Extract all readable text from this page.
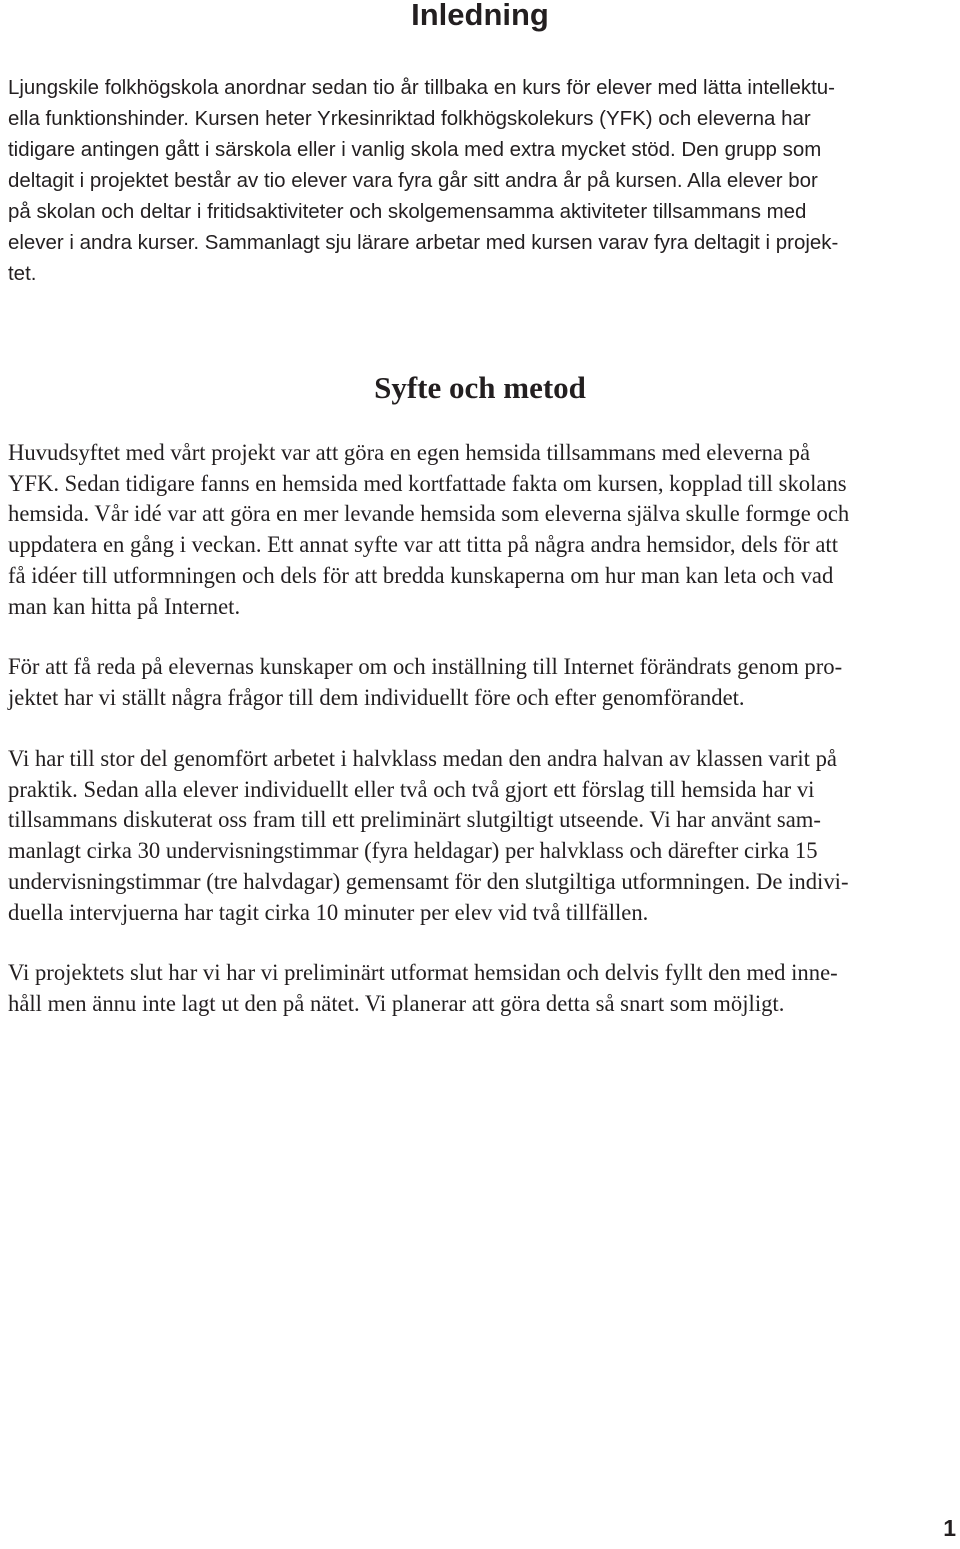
Inledning

Ljungskile folkhögskola anordnar sedan tio år tillbaka en kurs för elever med lätta intellektu-
ella funktionshinder. Kursen heter Yrkesinriktad folkhögskolekurs (YFK) och eleverna har
tidigare antingen gått i särskola eller i vanlig skola med extra mycket stöd. Den grupp som
deltagit i projektet består av tio elever vara fyra går sitt andra år på kursen. Alla elever bor
på skolan och deltar i fritidsaktiviteter och skolgemensamma aktiviteter tillsammans med
elever i andra kurser. Sammanlagt sju lärare arbetar med kursen varav fyra deltagit i projek-
tet.

Syfte och metod

Huvudsyftet med vårt projekt var att göra en egen hemsida tillsammans med eleverna på
YFK. Sedan tidigare fanns en hemsida med kortfattade fakta om kursen, kopplad till skolans
hemsida. Vår idé var att göra en mer levande hemsida som eleverna själva skulle formge och
uppdatera en gång i veckan. Ett annat syfte var att titta på några andra hemsidor, dels för att
få idéer till utformningen och dels för att bredda kunskaperna om hur man kan leta och vad
man kan hitta på Internet.

För att få reda på elevernas kunskaper om och inställning till Internet förändrats genom pro-
jektet har vi ställt några frågor till dem individuellt före och efter genomförandet.

Vi har till stor del genomfört arbetet i halvklass medan den andra halvan av klassen varit på
praktik. Sedan alla elever individuellt eller två och två gjort ett förslag till hemsida har vi
tillsammans diskuterat oss fram till ett preliminärt slutgiltigt utseende. Vi har använt sam-
manlagt cirka 30 undervisningstimmar (fyra heldagar) per halvklass och därefter cirka 15
undervisningstimmar (tre halvdagar) gemensamt för den slutgiltiga utformningen. De indivi-
duella intervjuerna har tagit cirka 10 minuter per elev vid två tillfällen.

Vi projektets slut har vi har vi preliminärt utformat hemsidan och delvis fyllt den med inne-
håll men ännu inte lagt ut den på nätet. Vi planerar att göra detta så snart som möjligt.

1
